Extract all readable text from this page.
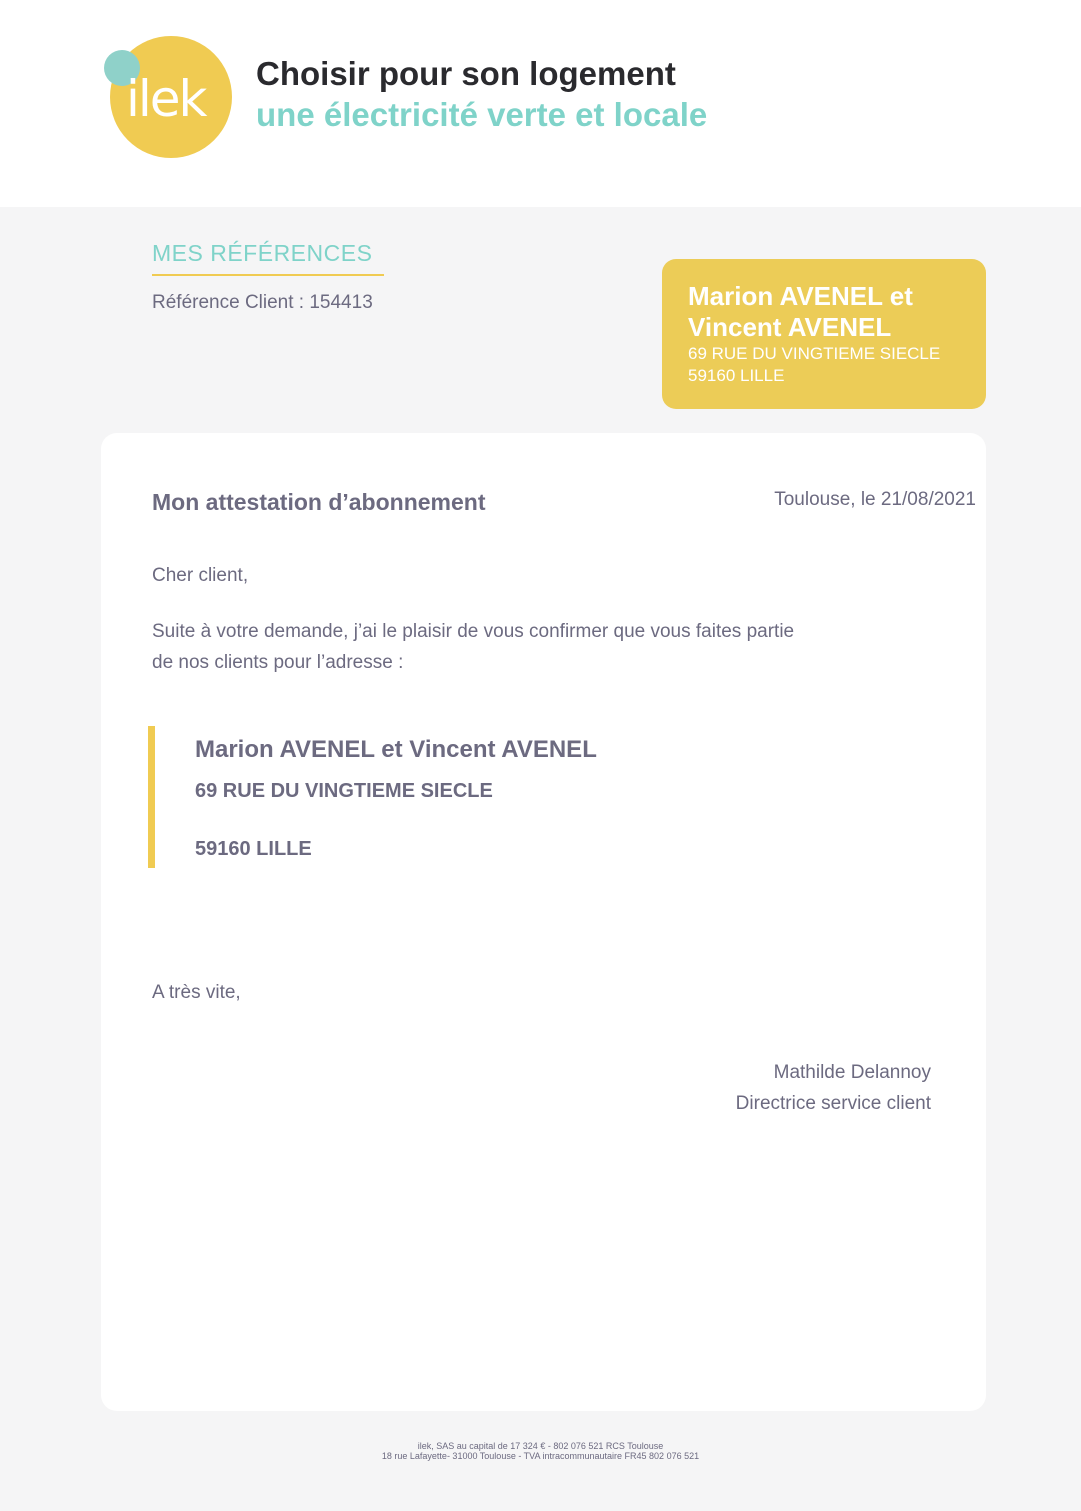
ilek Choisir pour son logement
une électricité verte et locale
MES RÉFÉRENCES
Référence Client : 154413	Marion AVENEL et
Vincent AVENEL
69 RUE DU VINGTIEME SIECLE
59160 LILLE
Mon attestation d’abonnement	Toulouse, le 21/08/2021
Cher client,
Suite à votre demande, j’ai le plaisir de vous confirmer que vous faites partie
de nos clients pour l’adresse :
Marion AVENEL et Vincent AVENEL
69 RUE DU VINGTIEME SIECLE
59160 LILLE
A très vite,
Mathilde Delannoy
Directrice service client
ilek, SAS au capital de 17 324 € - 802 076 521 RCS Toulouse
18 rue Lafayette- 31000 Toulouse - TVA intracommunautaire FR45 802 076 521
